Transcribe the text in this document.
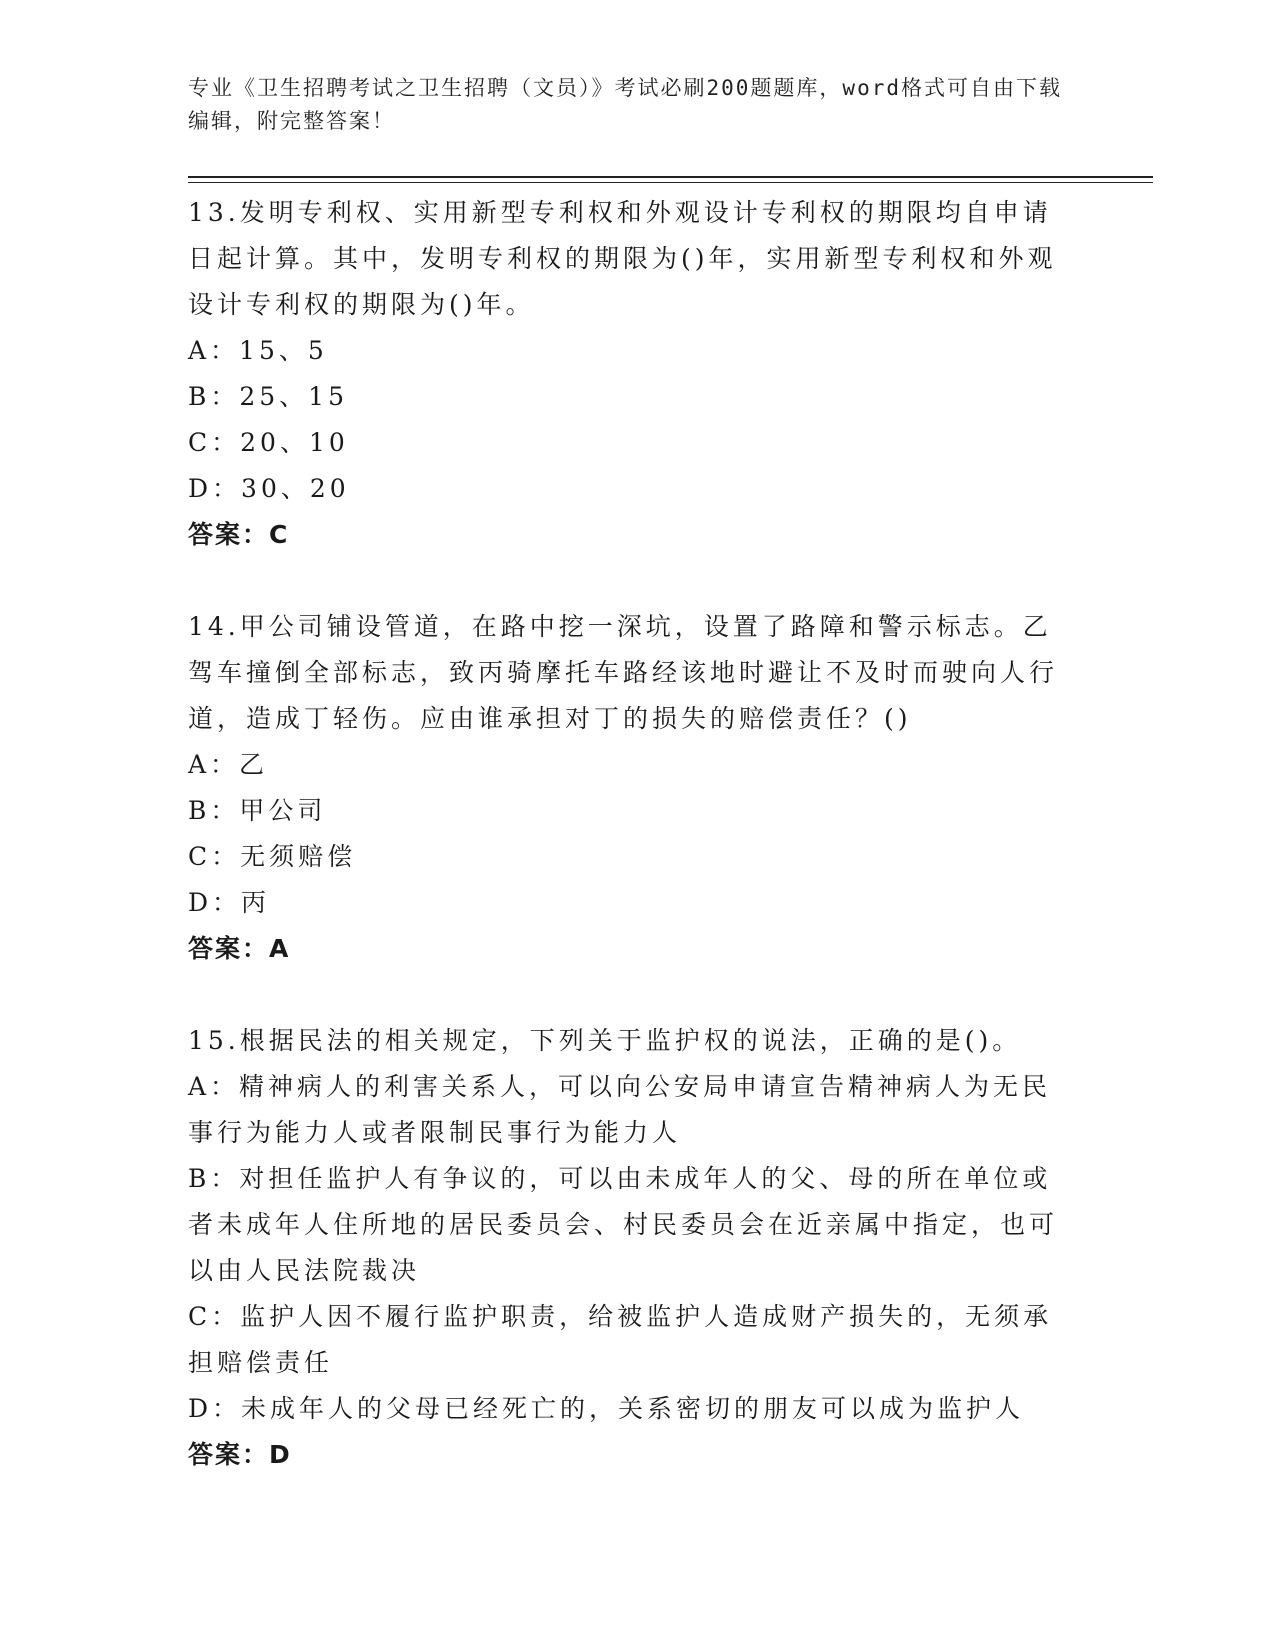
专业《卫生招聘考试之卫生招聘（文员）》考试必刷200题题库，word格式可自由下载编辑，附完整答案！

13.发明专利权、实用新型专利权和外观设计专利权的期限均自申请日起计算。其中，发明专利权的期限为()年，实用新型专利权和外观设计专利权的期限为()年。

A：15、5

B：25、15

C：20、10

D：30、20

答案：C

14.甲公司铺设管道，在路中挖一深坑，设置了路障和警示标志。乙驾车撞倒全部标志，致丙骑摩托车路经该地时避让不及时而驶向人行道，造成丁轻伤。应由谁承担对丁的损失的赔偿责任？()

A：乙

B：甲公司

C：无须赔偿

D：丙

答案：A

15.根据民法的相关规定，下列关于监护权的说法，正确的是()。

A：精神病人的利害关系人，可以向公安局申请宣告精神病人为无民事行为能力人或者限制民事行为能力人

B：对担任监护人有争议的，可以由未成年人的父、母的所在单位或者未成年人住所地的居民委员会、村民委员会在近亲属中指定，也可以由人民法院裁决

C：监护人因不履行监护职责，给被监护人造成财产损失的，无须承担赔偿责任

D：未成年人的父母已经死亡的，关系密切的朋友可以成为监护人

答案：D
